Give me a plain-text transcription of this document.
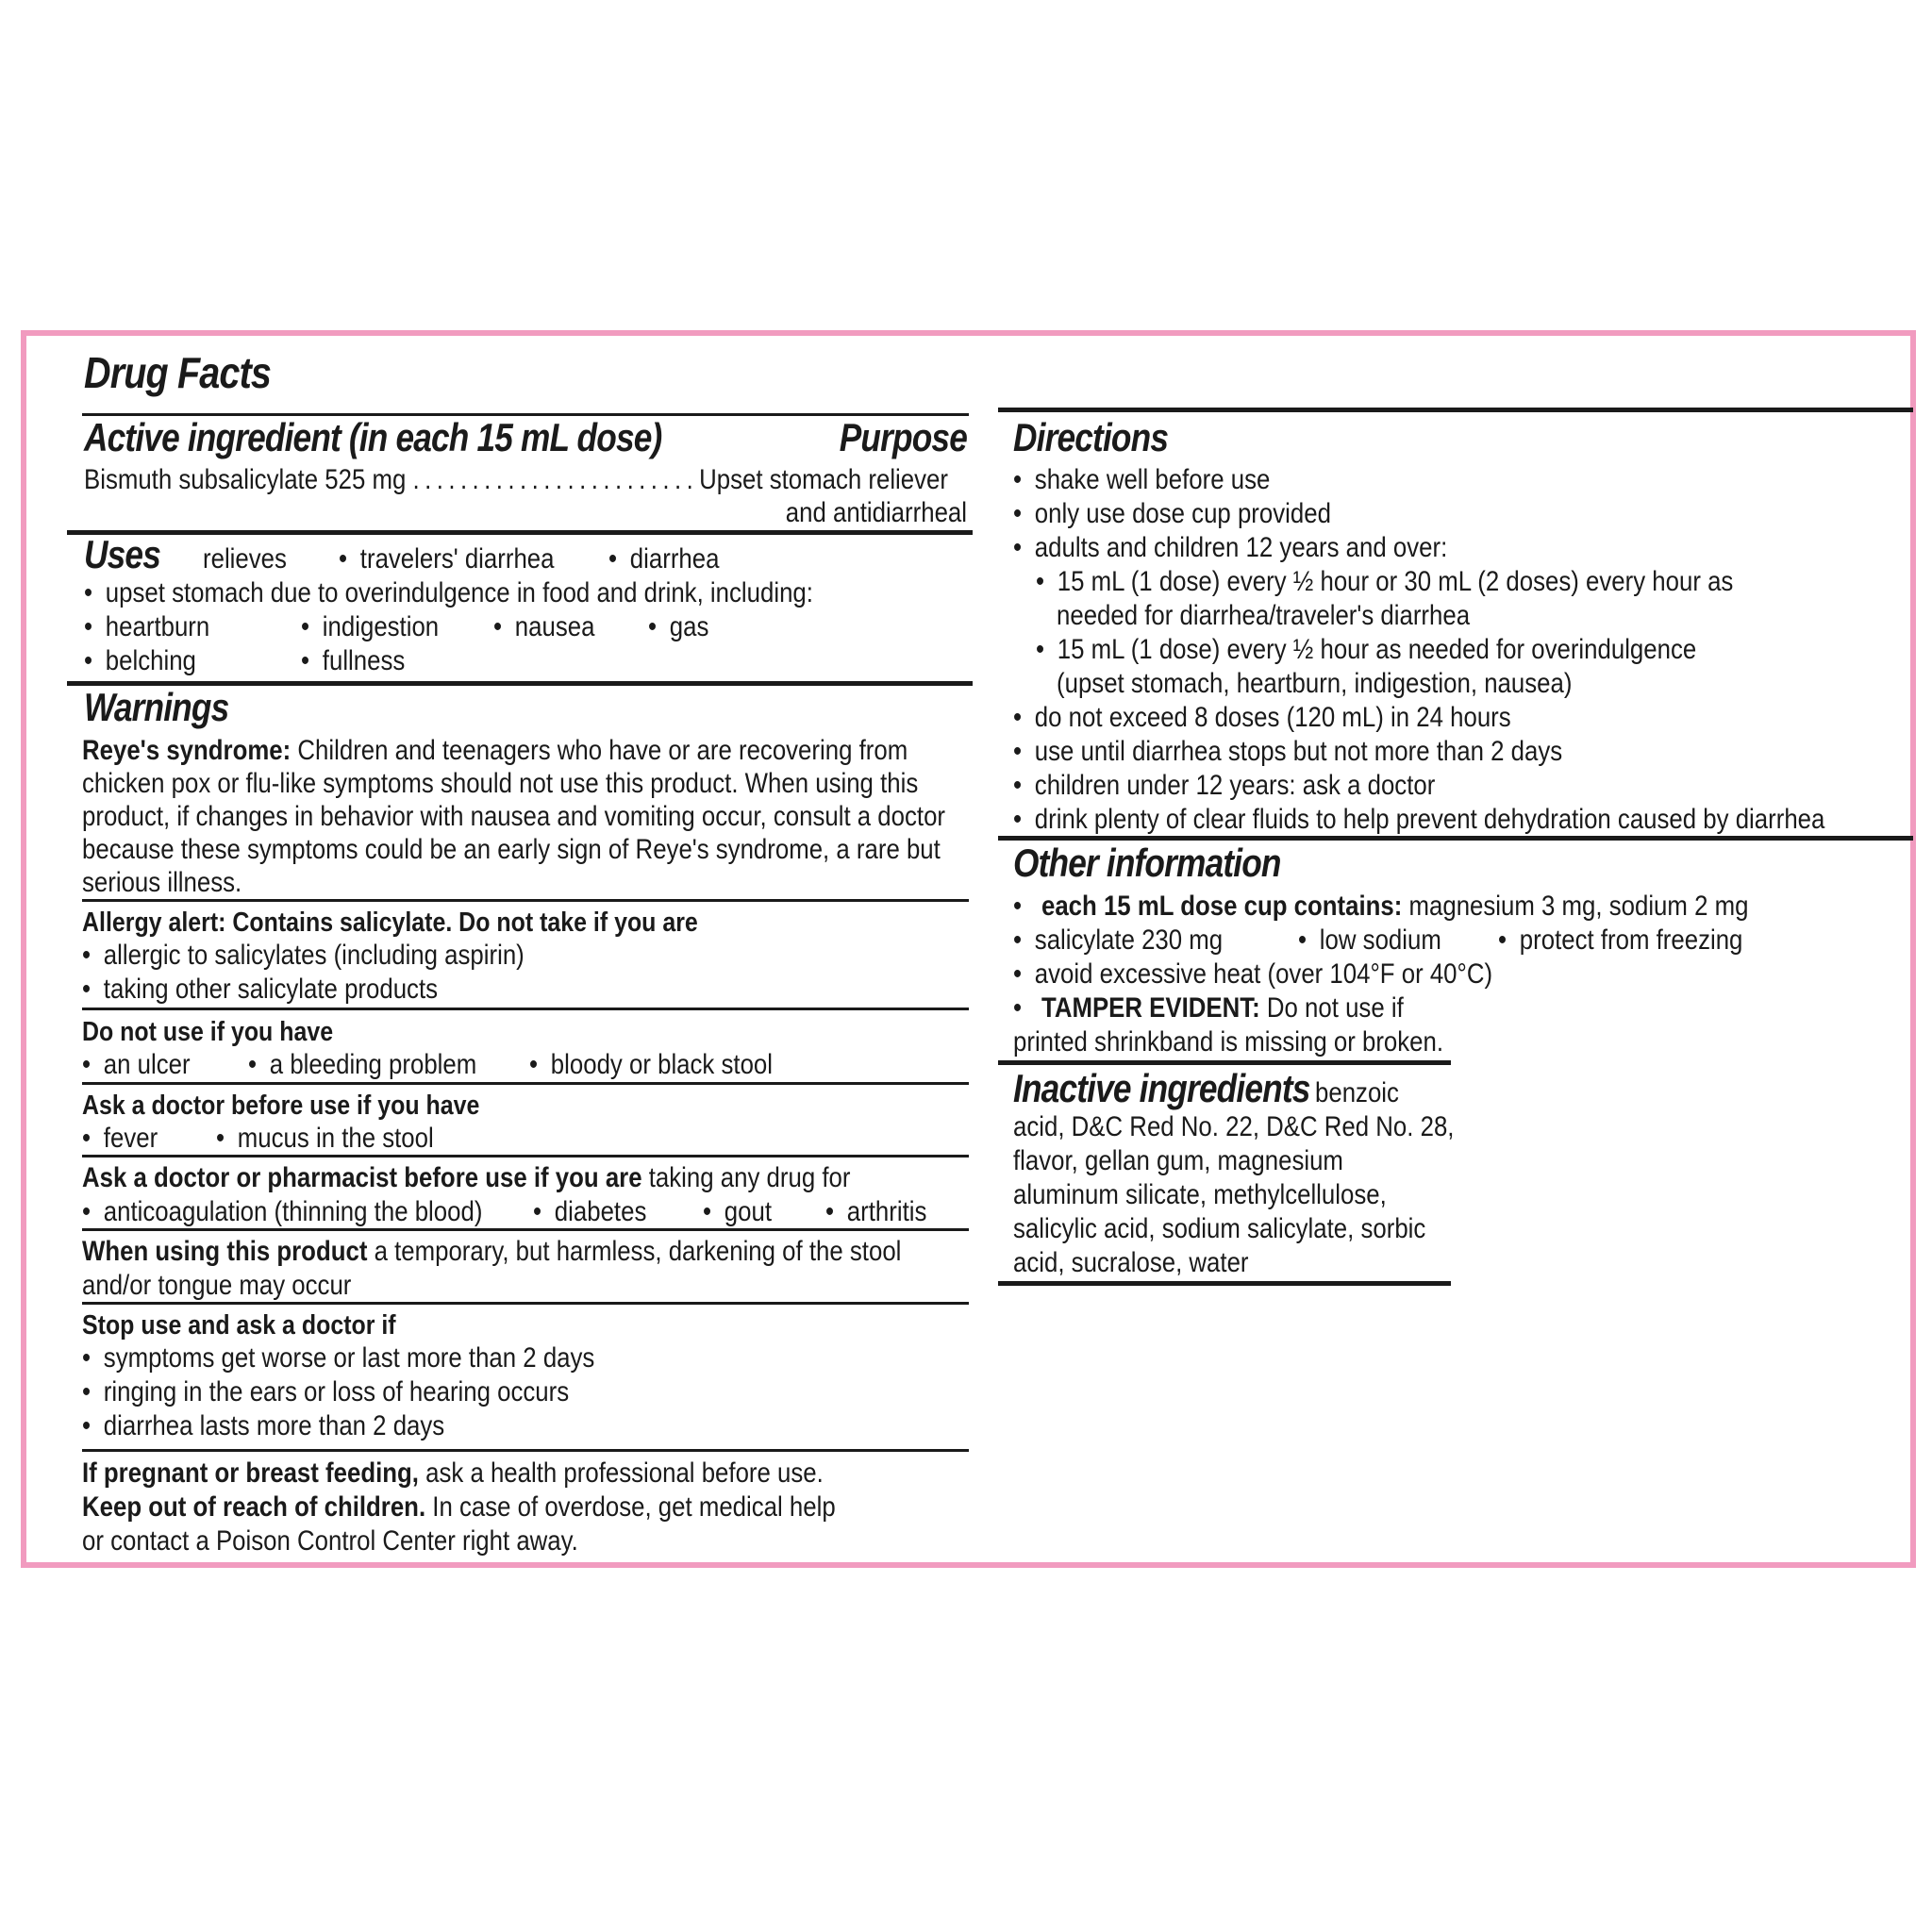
Drug Facts
Active ingredient (in each 15 mL dose)	Purpose
Bismuth subsalicylate 525 mg . . . . . . . . . . . . . . . . . . . . . . . . Upset stomach reliever
and antidiarrheal
Uses relieves	• travelers' diarrhea	• diarrhea
• upset stomach due to overindulgence in food and drink, including:
• heartburn	• indigestion	• nausea	• gas
• belching	• fullness
Warnings
Reye's syndrome: Children and teenagers who have or are recovering from
chicken pox or flu-like symptoms should not use this product. When using this
product, if changes in behavior with nausea and vomiting occur, consult a doctor
because these symptoms could be an early sign of Reye's syndrome, a rare but
serious illness.
Allergy alert: Contains salicylate. Do not take if you are
• allergic to salicylates (including aspirin)
• taking other salicylate products
Do not use if you have
• an ulcer	• a bleeding problem	• bloody or black stool
Ask a doctor before use if you have
• fever	• mucus in the stool
Ask a doctor or pharmacist before use if you are taking any drug for
• anticoagulation (thinning the blood)	• diabetes	• gout	• arthritis
When using this product a temporary, but harmless, darkening of the stool
and/or tongue may occur
Stop use and ask a doctor if
• symptoms get worse or last more than 2 days
• ringing in the ears or loss of hearing occurs
• diarrhea lasts more than 2 days
If pregnant or breast feeding, ask a health professional before use.
Keep out of reach of children. In case of overdose, get medical help
or contact a Poison Control Center right away.
Directions
• shake well before use
• only use dose cup provided
• adults and children 12 years and over:
• 15 mL (1 dose) every ½ hour or 30 mL (2 doses) every hour as
needed for diarrhea/traveler's diarrhea
• 15 mL (1 dose) every ½ hour as needed for overindulgence
(upset stomach, heartburn, indigestion, nausea)
• do not exceed 8 doses (120 mL) in 24 hours
• use until diarrhea stops but not more than 2 days
• children under 12 years: ask a doctor
• drink plenty of clear fluids to help prevent dehydration caused by diarrhea
Other information
• each 15 mL dose cup contains: magnesium 3 mg, sodium 2 mg
• salicylate 230 mg	• low sodium	• protect from freezing
• avoid excessive heat (over 104°F or 40°C)
• TAMPER EVIDENT: Do not use if
printed shrinkband is missing or broken.
Inactive ingredients benzoic
acid, D&C Red No. 22, D&C Red No. 28,
flavor, gellan gum, magnesium
aluminum silicate, methylcellulose,
salicylic acid, sodium salicylate, sorbic
acid, sucralose, water
